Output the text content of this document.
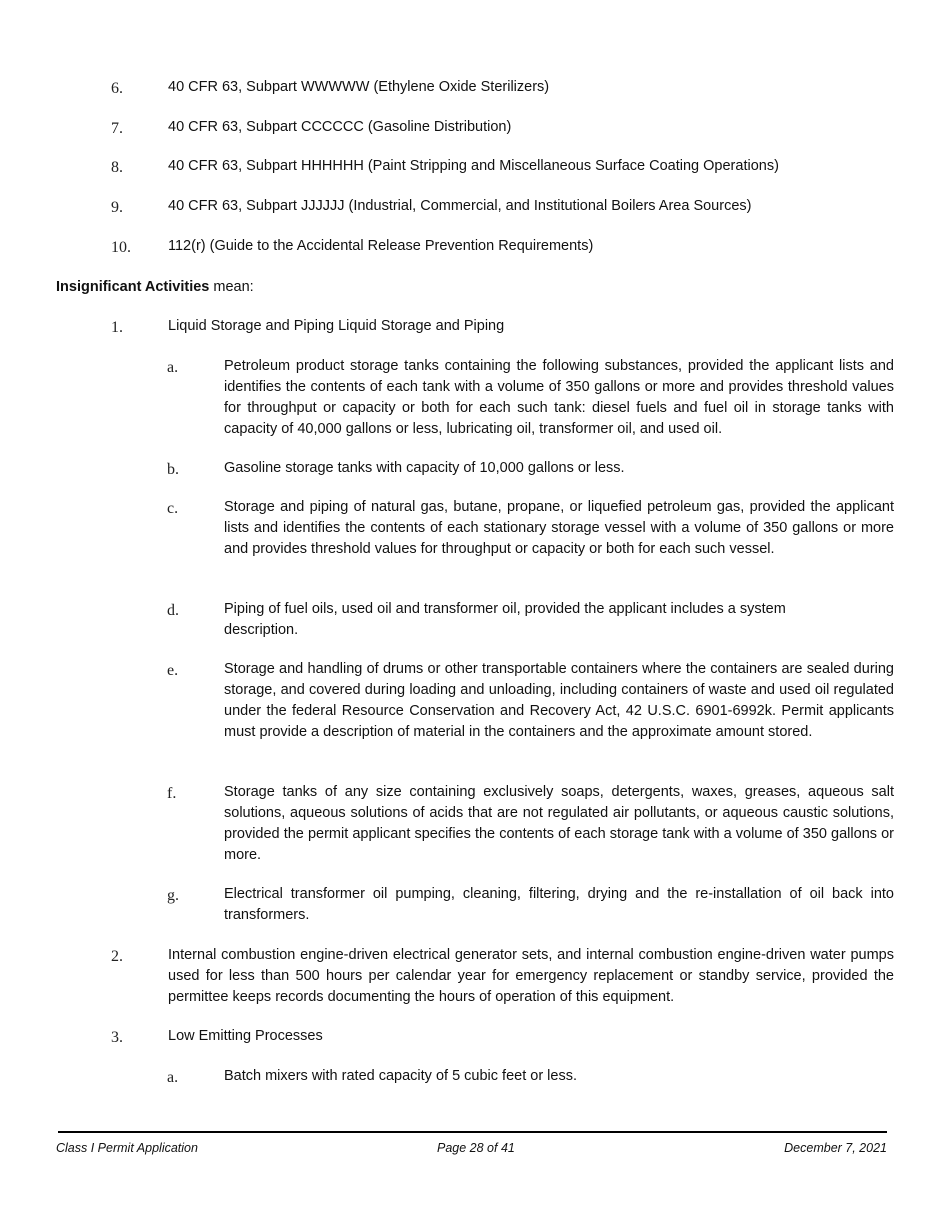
6.	40 CFR 63, Subpart WWWWW (Ethylene Oxide Sterilizers)
7.	40 CFR 63, Subpart CCCCCC (Gasoline Distribution)
8.	40 CFR 63, Subpart HHHHHH (Paint Stripping and Miscellaneous Surface Coating Operations)
9.	40 CFR 63, Subpart JJJJJJ (Industrial, Commercial, and Institutional Boilers Area Sources)
10.	112(r) (Guide to the Accidental Release Prevention Requirements)
Insignificant Activities mean:
1.	Liquid Storage and Piping Liquid Storage and Piping
a.	Petroleum product storage tanks containing the following substances, provided the applicant lists and identifies the contents of each tank with a volume of 350 gallons or more and provides threshold values for throughput or capacity or both for each such tank: diesel fuels and fuel oil in storage tanks with capacity of 40,000 gallons or less, lubricating oil, transformer oil, and used oil.
b.	Gasoline storage tanks with capacity of 10,000 gallons or less.
c.	Storage and piping of natural gas, butane, propane, or liquefied petroleum gas, provided the applicant lists and identifies the contents of each stationary storage vessel with a volume of 350 gallons or more and provides threshold values for throughput or capacity or both for each such vessel.
d.	Piping of fuel oils, used oil and transformer oil, provided the applicant includes a system description.
e.	Storage and handling of drums or other transportable containers where the containers are sealed during storage, and covered during loading and unloading, including containers of waste and used oil regulated under the federal Resource Conservation and Recovery Act, 42 U.S.C. 6901-6992k. Permit applicants must provide a description of material in the containers and the approximate amount stored.
f.	Storage tanks of any size containing exclusively soaps, detergents, waxes, greases, aqueous salt solutions, aqueous solutions of acids that are not regulated air pollutants, or aqueous caustic solutions, provided the permit applicant specifies the contents of each storage tank with a volume of 350 gallons or more.
g.	Electrical transformer oil pumping, cleaning, filtering, drying and the re-installation of oil back into transformers.
2.	Internal combustion engine-driven electrical generator sets, and internal combustion engine-driven water pumps used for less than 500 hours per calendar year for emergency replacement or standby service, provided the permittee keeps records documenting the hours of operation of this equipment.
3.	Low Emitting Processes
a.	Batch mixers with rated capacity of 5 cubic feet or less.
Class I Permit Application	Page 28 of 41	December 7, 2021
